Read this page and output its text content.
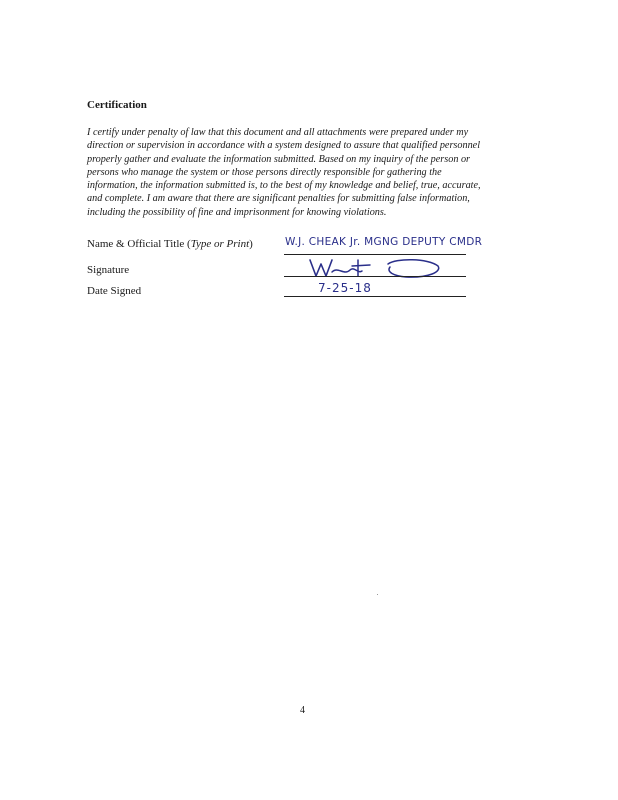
Certification
I certify under penalty of law that this document and all attachments were prepared under my
direction or supervision in accordance with a system designed to assure that qualified personnel
properly gather and evaluate the information submitted. Based on my inquiry of the person or
persons who manage the system or those persons directly responsible for gathering the
information, the information submitted is, to the best of my knowledge and belief, true, accurate,
and complete. I am aware that there are significant penalties for submitting false information,
including the possibility of fine and imprisonment for knowing violations.
Name & Official Title (Type or Print)	W.J. CHEAK Jr. MGNG DEPUTY CMDR
Signature
Date Signed	7-25-18
4
